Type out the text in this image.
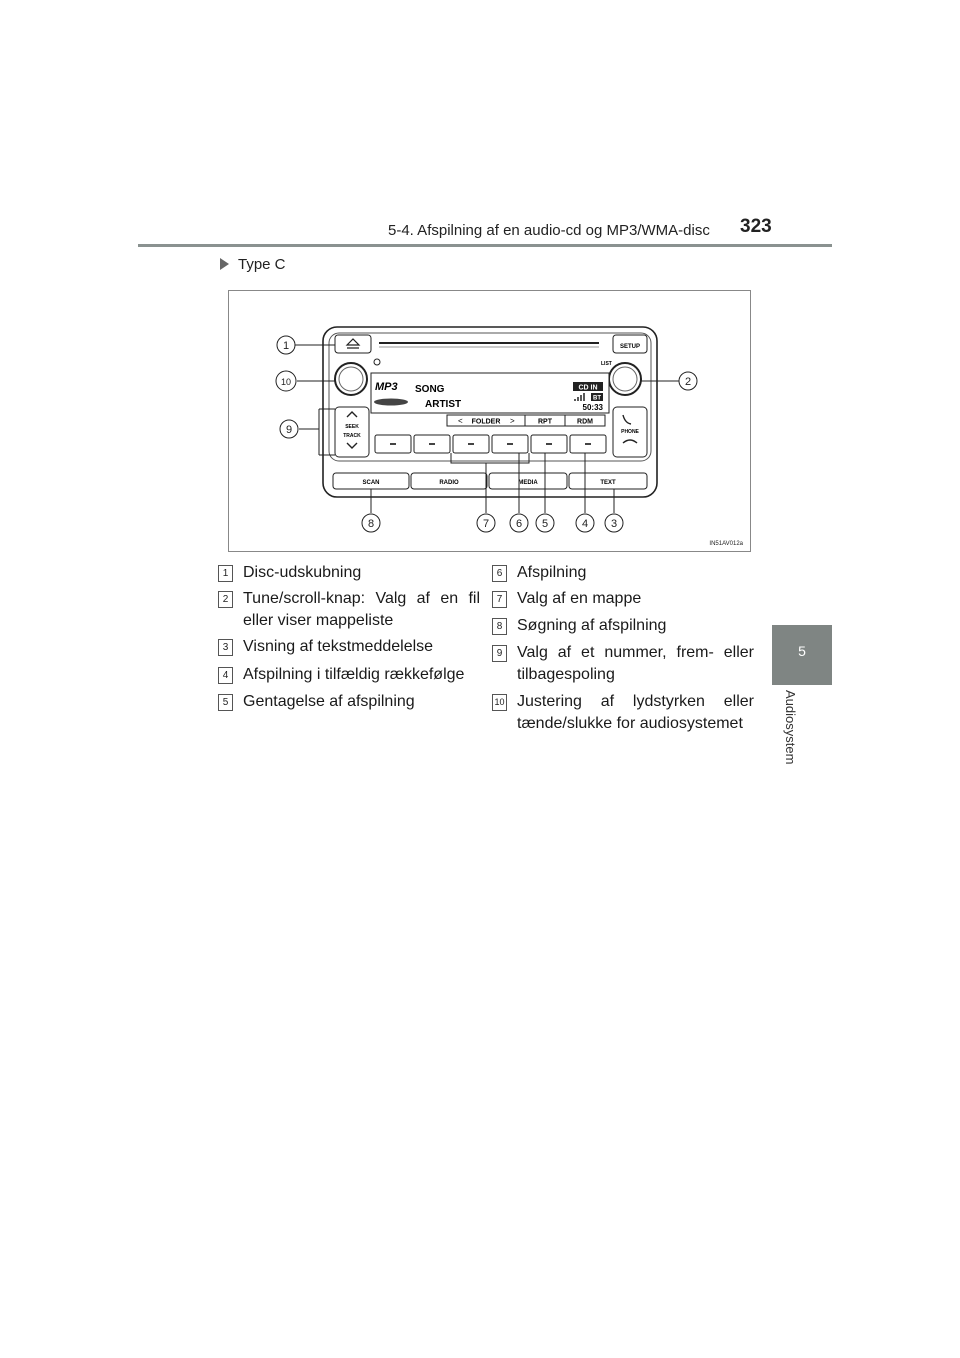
5-4. Afspilning af en audio-cd og MP3/WMA-disc 323
5
Audiosystem
Type C
SETUP
LIST
MP3 SONG
ARTIST
CD IN
BT
50:33
FOLDER
<	>	RPT	RDM
SEEK
TRACK
PHONE
SCAN	RADIO	MEDIA	TEXT
1
2
3
4
5
6
7
8
9
10
IN51AV012a
1 Disc-udskubning
2 Tune/scroll-knap: Valg af en fil eller viser mappeliste
3 Visning af tekstmeddelelse
4 Afspilning i tilfældig rækkefølge
5 Gentagelse af afspilning
6 Afspilning
7 Valg af en mappe
8 Søgning af afspilning
9 Valg af et nummer, frem- eller tilbagespoling
10 Justering af lydstyrken eller tænde/slukke for audiosystemet
